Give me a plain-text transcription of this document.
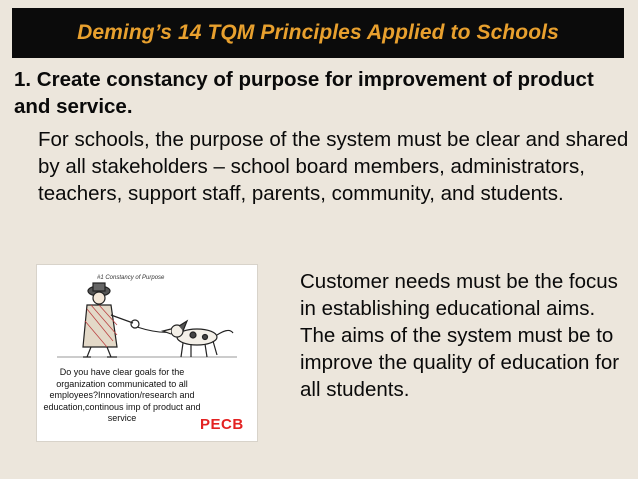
Deming’s 14 TQM Principles Applied to Schools
1. Create constancy of purpose for improvement of product and service.
For schools, the purpose of the system must be clear and shared by all stakeholders – school board members, administrators, teachers, support staff, parents, community, and students.
#1 Constancy of Purpose
Do you have clear goals for the organization communicated to all employees?Innovation/research and education,continous imp of product and service	PECB
Customer needs must be the focus in establishing educational aims. The aims of the system must be to improve the quality of education for all students.
